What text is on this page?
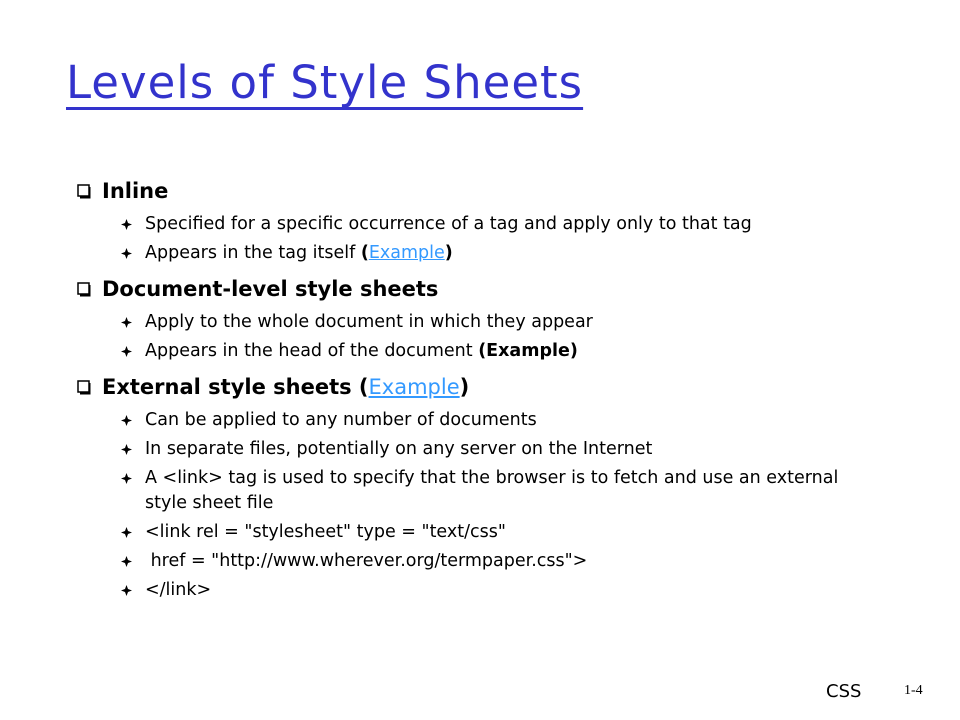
Levels of Style Sheets
Inline
Specified for a specific occurrence of a tag and apply only to that tag
Appears in the tag itself (Example)
Document-level style sheets
Apply to the whole document in which they appear
Appears in the head of the document (Example)
External style sheets (Example)
Can be applied to any number of documents
In separate files, potentially on any server on the Internet
A <link> tag is used to specify that the browser is to fetch and use an external style sheet file
<link rel = "stylesheet" type = "text/css"
href = "http://www.wherever.org/termpaper.css">
</link>
CSS	1-4
